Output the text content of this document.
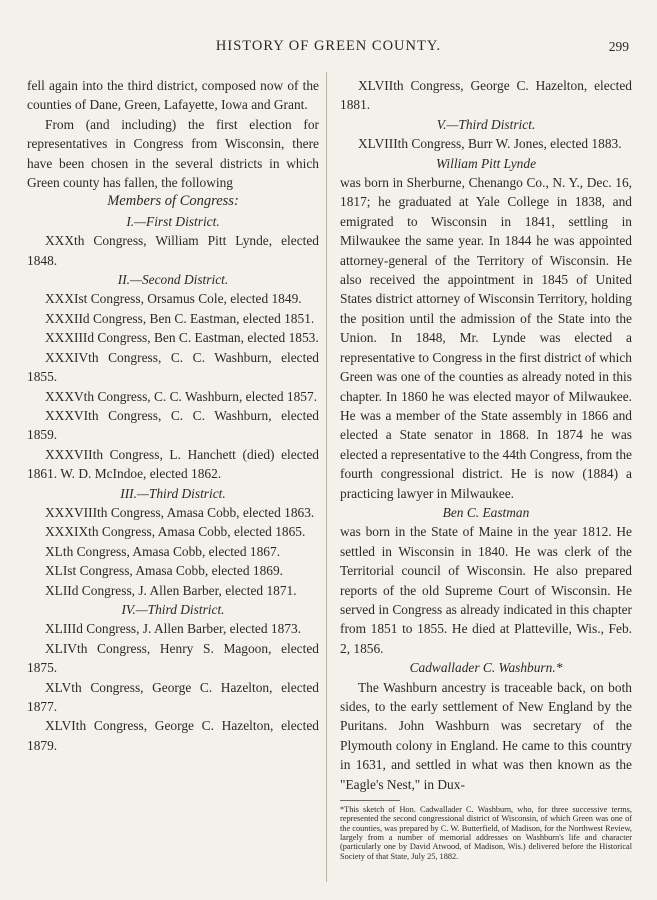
HISTORY OF GREEN COUNTY.	299

fell again into the third district, composed now of the counties of Dane, Green, Lafayette, Iowa and Grant.

From (and including) the first election for representatives in Congress from Wisconsin, there have been chosen in the several districts in which Green county has fallen, the following

Members of Congress:

I.—First District.

XXXth Congress, William Pitt Lynde, elected 1848.

II.—Second District.

XXXIst Congress, Orsamus Cole, elected 1849.

XXXIId Congress, Ben C. Eastman, elected 1851.

XXXIIId Congress, Ben C. Eastman, elected 1853.

XXXIVth Congress, C. C. Washburn, elected 1855.

XXXVth Congress, C. C. Washburn, elected 1857.

XXXVIth Congress, C. C. Washburn, elected 1859.

XXXVIIth Congress, L. Hanchett (died) elected 1861. W. D. McIndoe, elected 1862.

III.—Third District.

XXXVIIIth Congress, Amasa Cobb, elected 1863.

XXXIXth Congress, Amasa Cobb, elected 1865.

XLth Congress, Amasa Cobb, elected 1867.

XLIst Congress, Amasa Cobb, elected 1869.

XLIId Congress, J. Allen Barber, elected 1871.

IV.—Third District.

XLIIId Congress, J. Allen Barber, elected 1873.

XLIVth Congress, Henry S. Magoon, elected 1875.

XLVth Congress, George C. Hazelton, elected 1877.

XLVIth Congress, George C. Hazelton, elected 1879.

XLVIIth Congress, George C. Hazelton, elected 1881.

V.—Third District.

XLVIIIth Congress, Burr W. Jones, elected 1883.

William Pitt Lynde

was born in Sherburne, Chenango Co., N. Y., Dec. 16, 1817; he graduated at Yale College in 1838, and emigrated to Wisconsin in 1841, settling in Milwaukee the same year. In 1844 he was appointed attorney-general of the Territory of Wisconsin. He also received the appointment in 1845 of United States district attorney of Wisconsin Territory, holding the position until the admission of the State into the Union. In 1848, Mr. Lynde was elected a representative to Congress in the first district of which Green was one of the counties as already noted in this chapter. In 1860 he was elected mayor of Milwaukee. He was a member of the State assembly in 1866 and elected a State senator in 1868. In 1874 he was elected a representative to the 44th Congress, from the fourth congressional district. He is now (1884) a practicing lawyer in Milwaukee.

Ben C. Eastman

was born in the State of Maine in the year 1812. He settled in Wisconsin in 1840. He was clerk of the Territorial council of Wisconsin. He also prepared reports of the old Supreme Court of Wisconsin. He served in Congress as already indicated in this chapter from 1851 to 1855. He died at Platteville, Wis., Feb. 2, 1856.

Cadwallader C. Washburn.*

The Washburn ancestry is traceable back, on both sides, to the early settlement of New England by the Puritans. John Washburn was secretary of the Plymouth colony in England. He came to this country in 1631, and settled in what was then known as the "Eagle's Nest," in Dux-

*This sketch of Hon. Cadwallader C. Washburn, who, for three successive terms, represented the second congressional district of Wisconsin, of which Green was one of the counties, was prepared by C. W. Butterfield, of Madison, for the Northwest Review, largely from a number of memorial addresses on Washburn's life and character (particularly one by David Atwood, of Madison, Wis.) delivered before the Historical Society of that State, July 25, 1882.
